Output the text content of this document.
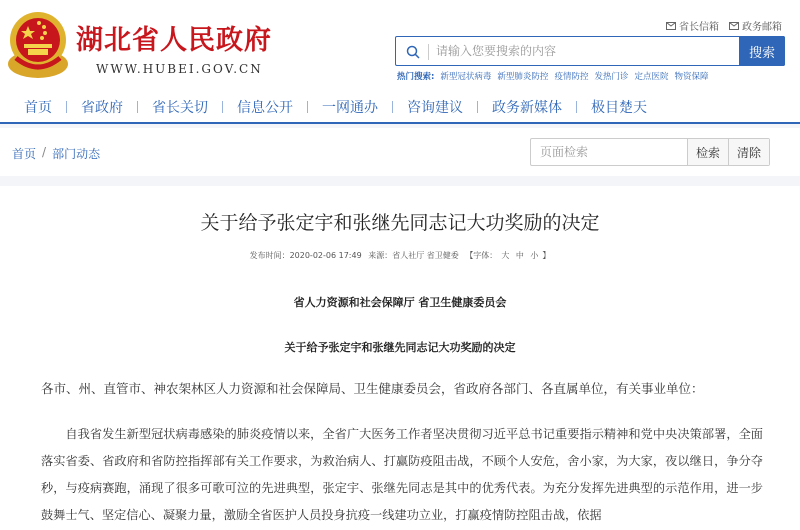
湖北省人民政府
WWW.HUBEI.GOV.CN
省长信箱 政务邮箱
请输入您要搜索的内容
搜索
热门搜索: 新型冠状病毒 新型肺炎防控 疫情防控 发热门诊 定点医院 物资保障
首页	省政府	省长关切	信息公开	一网通办	咨询建议	政务新媒体	极目楚天
首页 / 部门动态
页面检索	检索	清除
关于给予张定宇和张继先同志记大功奖励的决定
发布时间：2020-02-06 17:49 来源：省人社厅 省卫健委 【字体： 大 中 小 】
省人力资源和社会保障厅 省卫生健康委员会
关于给予张定宇和张继先同志记大功奖励的决定
各市、州、直管市、神农架林区人力资源和社会保障局、卫生健康委员会，省政府各部门、各直属单位，有关事业单位：
自我省发生新型冠状病毒感染的肺炎疫情以来，全省广大医务工作者坚决贯彻习近平总书记重要指示精神和党中央决策部署，全面落实省委、省政府和省防控指挥部有关工作要求，为救治病人、打赢防疫阻击战，不顾个人安危，舍小家，为大家，夜以继日，争分夺秒，与疫病赛跑，涌现了很多可歌可泣的先进典型，张定宇、张继先同志是其中的优秀代表。为充分发挥先进典型的示范作用，进一步鼓舞士气、坚定信心、凝聚力量，激励全省医护人员投身抗疫一线建功立业，打赢疫情防控阻击战，依据
